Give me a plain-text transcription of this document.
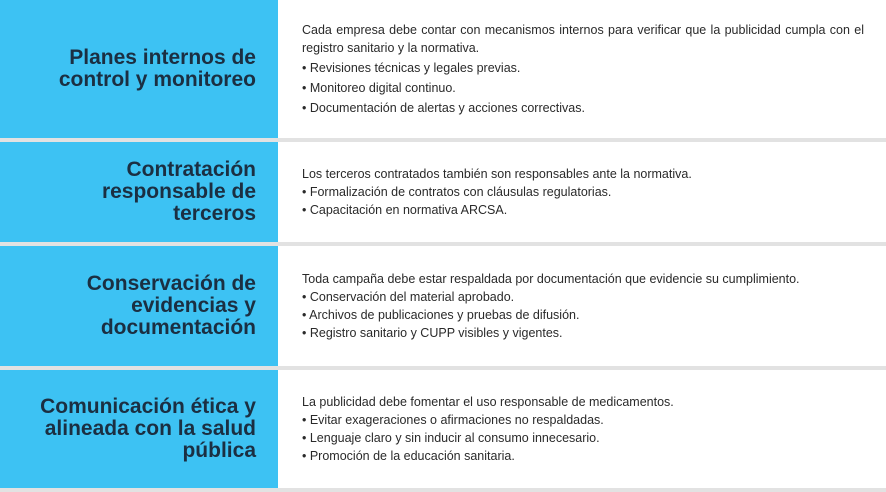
Planes internos de control y monitoreo
Cada empresa debe contar con mecanismos internos para verificar que la publicidad cumpla con el registro sanitario y la normativa.
• Revisiones técnicas y legales previas.
• Monitoreo digital continuo.
• Documentación de alertas y acciones correctivas.
Contratación responsable de terceros
Los terceros contratados también son responsables ante la normativa.
• Formalización de contratos con cláusulas regulatorias.
• Capacitación en normativa ARCSA.
Conservación de evidencias y documentación
Toda campaña debe estar respaldada por documentación que evidencie su cumplimiento.
• Conservación del material aprobado.
• Archivos de publicaciones y pruebas de difusión.
• Registro sanitario y CUPP visibles y vigentes.
Comunicación ética y alineada con la salud pública
La publicidad debe fomentar el uso responsable de medicamentos.
• Evitar exageraciones o afirmaciones no respaldadas.
• Lenguaje claro y sin inducir al consumo innecesario.
• Promoción de la educación sanitaria.
